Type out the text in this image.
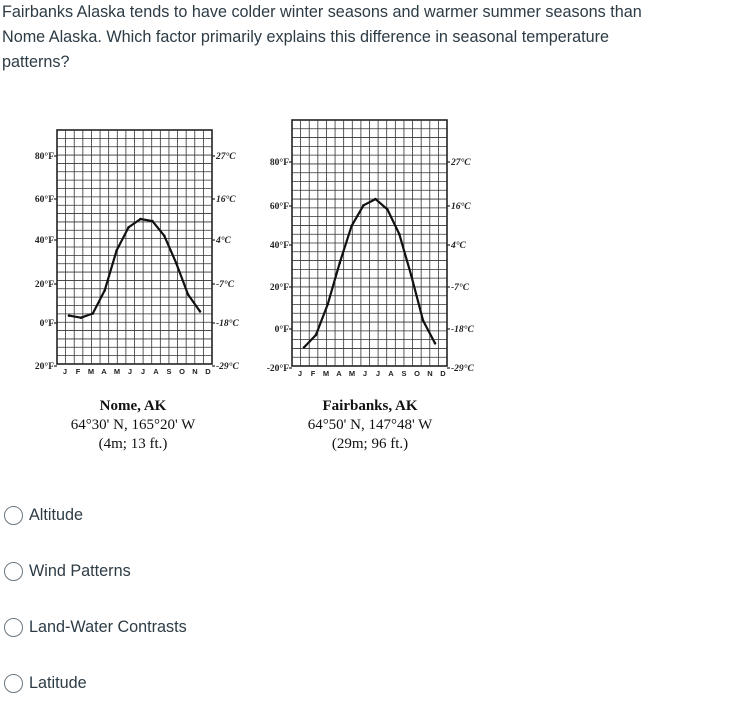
Fairbanks Alaska tends to have colder winter seasons and warmer summer seasons than Nome Alaska. Which factor primarily explains this difference in seasonal temperature patterns?

80°F
60°F
40°F
20°F
0°F
20°F
27°C
16°C
4°C
-7°C
-18°C
-29°C
J F M A M J J A S O N D
Nome, AK
64°30' N, 165°20' W
(4m; 13 ft.)
80°F
60°F
40°F
20°F
0°F
-20°F
27°C
16°C
4°C
-7°C
-18°C
-29°C
J F M A M J J A S O N D
Fairbanks, AK
64°50' N, 147°48' W
(29m; 96 ft.)
Altitude
Wind Patterns
Land-Water Contrasts
Latitude
